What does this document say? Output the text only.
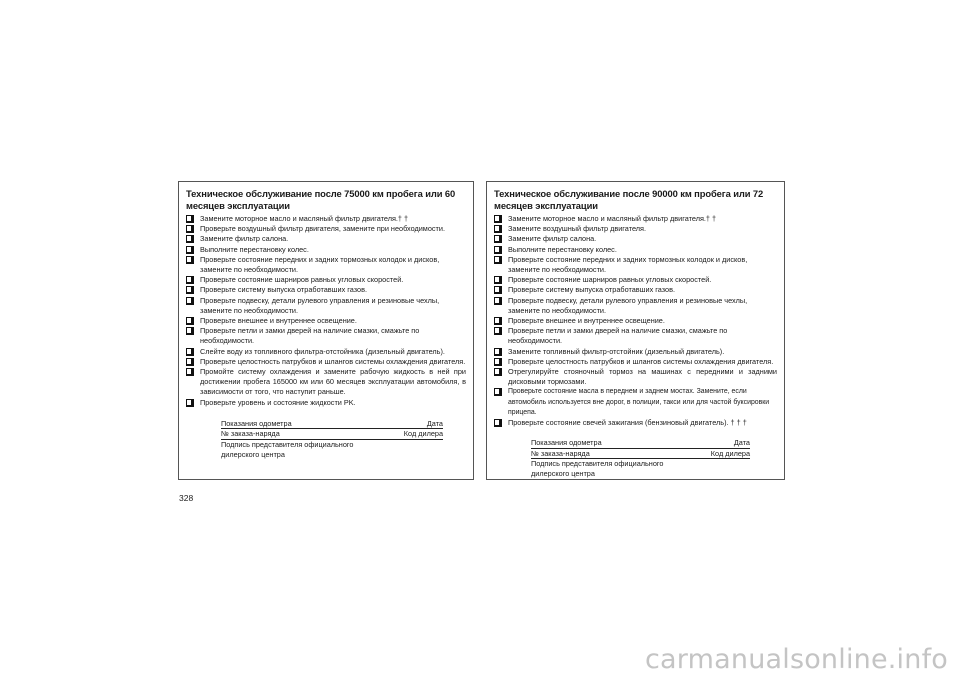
Техническое обслуживание после 75000 км пробега или 60 месяцев эксплуатации
Замените моторное масло и масляный фильтр двигателя.† †
Проверьте воздушный фильтр двигателя, замените при необходимости.
Замените фильтр салона.
Выполните перестановку колес.
Проверьте состояние передних и задних тормозных колодок и дисков, замените по необходимости.
Проверьте состояние шарниров равных угловых скоростей.
Проверьте систему выпуска отработавших газов.
Проверьте подвеску, детали рулевого управления и резиновые чехлы, замените по необходимости.
Проверьте внешнее и внутреннее освещение.
Проверьте петли и замки дверей на наличие смазки, смажьте по необходимости.
Слейте воду из топливного фильтра-отстойника (дизельный двигатель).
Проверьте целостность патрубков и шлангов системы охлаждения двигателя.
Промойте систему охлаждения и замените рабочую жидкость в ней при достижении пробега 165000 км или 60 месяцев эксплуатации автомобиля, в зависимости от того, что наступит раньше.
Проверьте уровень и состояние жидкости PK.
Показания одометра	Дата
№ заказа-наряда	Код дилера
Подпись представителя официального дилерского центра
Техническое обслуживание после 90000 км пробега или 72 месяцев эксплуатации
Замените моторное масло и масляный фильтр двигателя.† †
Замените воздушный фильтр двигателя.
Замените фильтр салона.
Выполните перестановку колес.
Проверьте состояние передних и задних тормозных колодок и дисков, замените по необходимости.
Проверьте состояние шарниров равных угловых скоростей.
Проверьте систему выпуска отработавших газов.
Проверьте подвеску, детали рулевого управления и резиновые чехлы, замените по необходимости.
Проверьте внешнее и внутреннее освещение.
Проверьте петли и замки дверей на наличие смазки, смажьте по необходимости.
Замените топливный фильтр-отстойник (дизельный двигатель).
Проверьте целостность патрубков и шлангов системы охлаждения двигателя.
Отрегулируйте стояночный тормоз на машинах с передними и задними дисковыми тормозами.
Проверьте состояние масла в переднем и заднем мостах. Замените, если автомобиль используется вне дорог, в полиции, такси или для частой буксировки прицепа.
Проверьте состояние свечей зажигания (бензиновый двигатель). † † †
Показания одометра	Дата
№ заказа-наряда	Код дилера
Подпись представителя официального дилерского центра
328
carmanualsonline.info
